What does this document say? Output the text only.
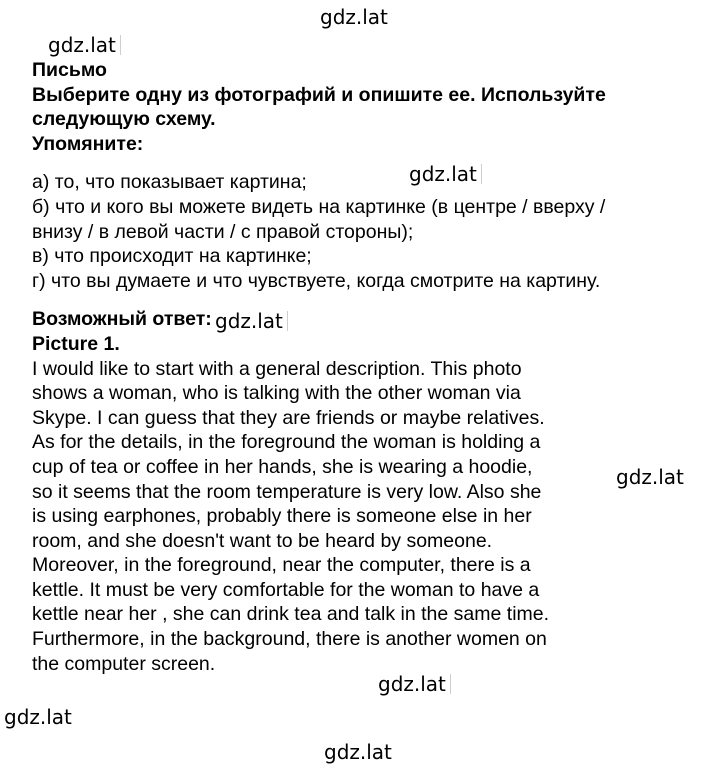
gdz.lat
gdz.lat
gdz.lat
gdz.lat
gdz.lat
gdz.lat
gdz.lat
gdz.lat
Письмо
Выберите одну из фотографий и опишите ее. Используйте
следующую схему.
Упомяните:
а) то, что показывает картина;
б) что и кого вы можете видеть на картинке (в центре / вверху /
внизу / в левой части / с правой стороны);
в) что происходит на картинке;
г) что вы думаете и что чувствуете, когда смотрите на картину.
Возможный ответ:
Picture 1.
I would like to start with a general description. This photo
shows a woman, who is talking with the other woman via
Skype. I can guess that they are friends or maybe relatives.
As for the details, in the foreground the woman is holding a
cup of tea or coffee in her hands, she is wearing a hoodie,
so it seems that the room temperature is very low. Also she
is using earphones, probably there is someone else in her
room, and she doesn't want to be heard by someone.
Moreover, in the foreground, near the computer, there is a
kettle. It must be very comfortable for the woman to have a
kettle near her , she can drink tea and talk in the same time.
Furthermore, in the background, there is another women on
the computer screen.
